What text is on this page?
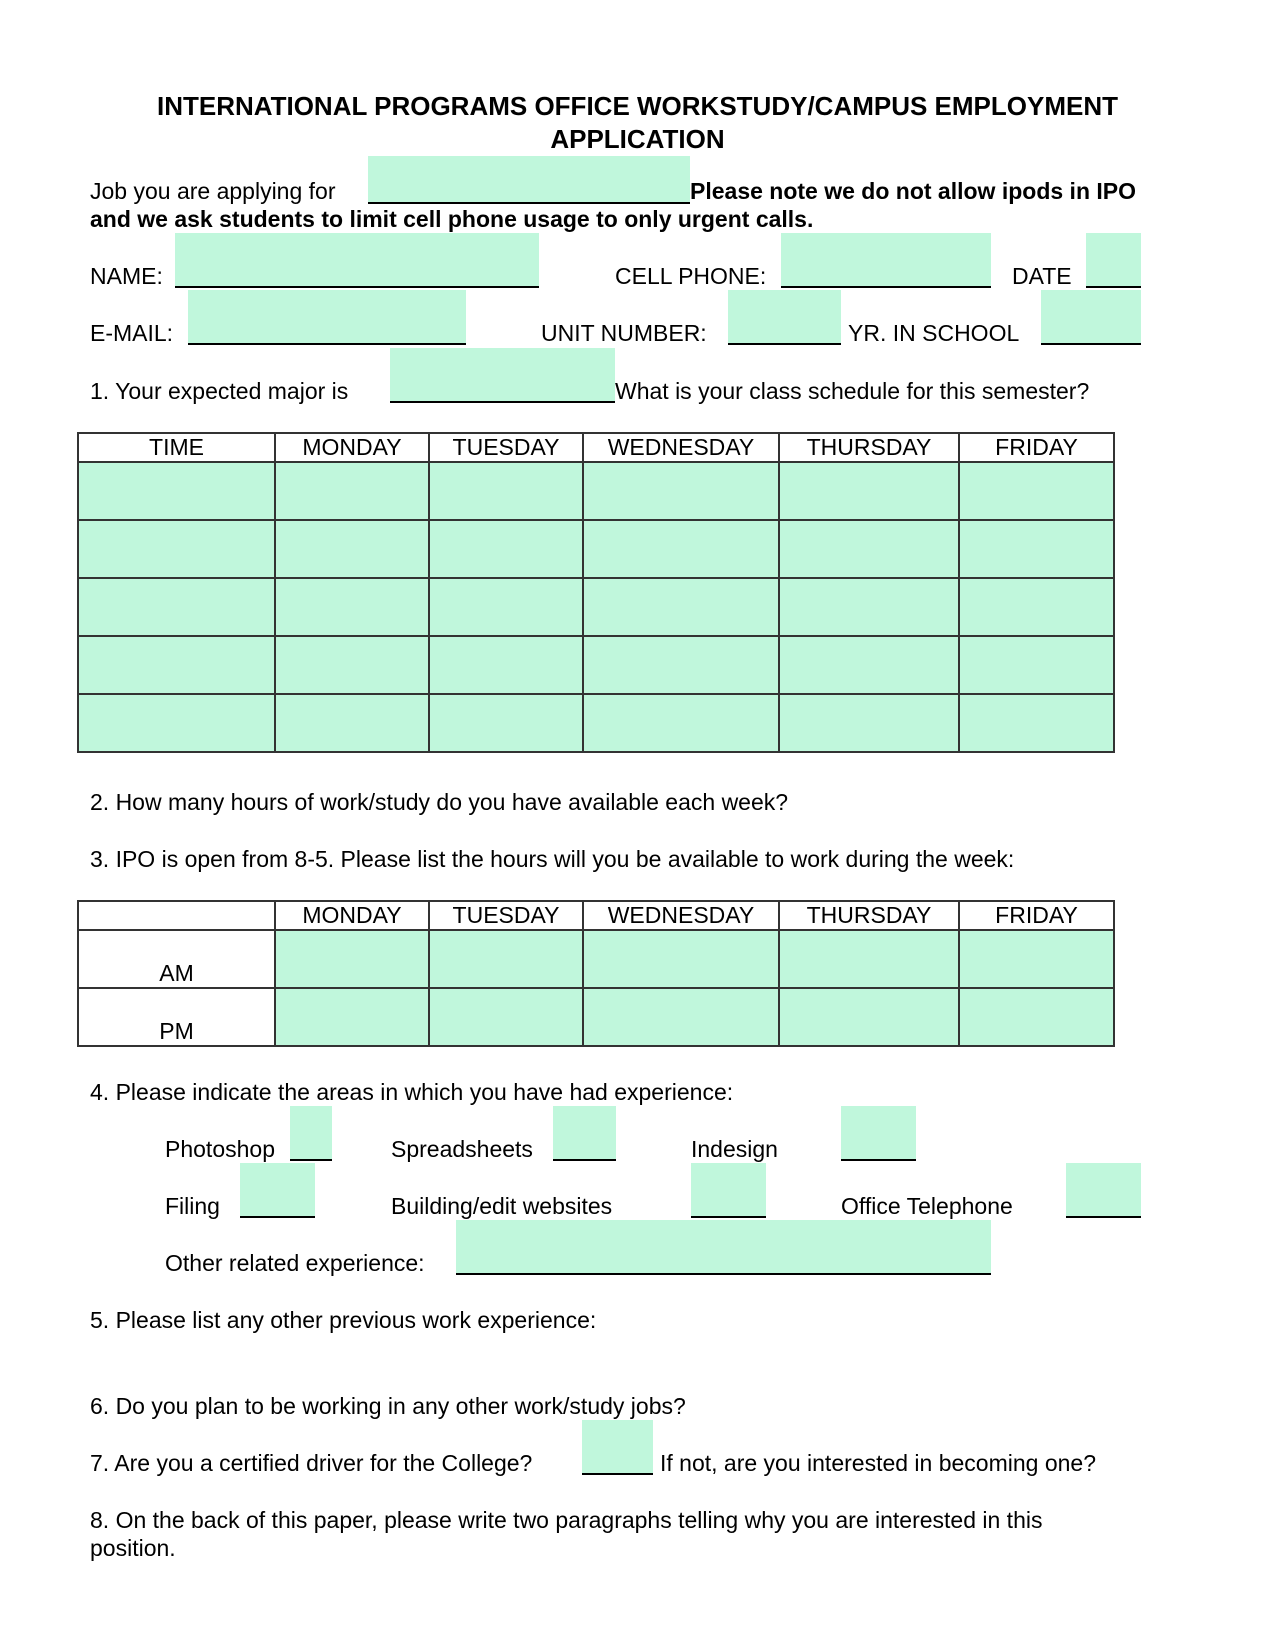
INTERNATIONAL PROGRAMS OFFICE WORKSTUDY/CAMPUS EMPLOYMENT
APPLICATION
Job you are applying for	Please note we do not allow ipods in IPO
and we ask students to limit cell phone usage to only urgent calls.
NAME:	CELL PHONE:	DATE
E-MAIL:	UNIT NUMBER:	YR. IN SCHOOL
1. Your expected major is	What is your class schedule for this semester?
TIME	MONDAY	TUESDAY	WEDNESDAY	THURSDAY	FRIDAY

2. How many hours of work/study do you have available each week?
3. IPO is open from 8-5. Please list the hours will you be available to work during the week:
	MONDAY	TUESDAY	WEDNESDAY	THURSDAY	FRIDAY
AM					
PM					
4. Please indicate the areas in which you have had experience:
Photoshop	Spreadsheets	Indesign
Filing	Building/edit websites	Office Telephone
Other related experience:
5. Please list any other previous work experience:
6. Do you plan to be working in any other work/study jobs?
7. Are you a certified driver for the College?	If not, are you interested in becoming one?
8. On the back of this paper, please write two paragraphs telling why you are interested in this
position.
